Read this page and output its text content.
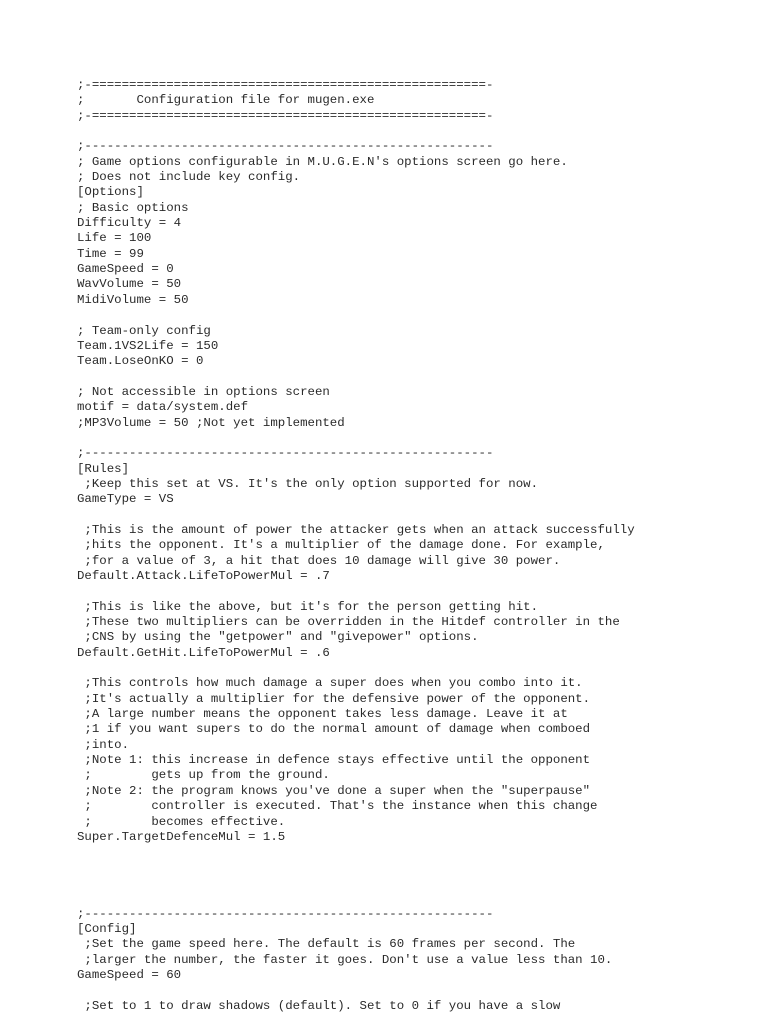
;-=====================================================-
;       Configuration file for mugen.exe
;-=====================================================-
;-------------------------------------------------------
; Game options configurable in M.U.G.E.N's options screen go here.
; Does not include key config.
[Options]
; Basic options
Difficulty = 4
Life = 100
Time = 99
GameSpeed = 0
WavVolume = 50
MidiVolume = 50
; Team-only config
Team.1VS2Life = 150
Team.LoseOnKO = 0
; Not accessible in options screen
motif = data/system.def
;MP3Volume = 50 ;Not yet implemented
;-------------------------------------------------------
[Rules]
;Keep this set at VS. It's the only option supported for now.
GameType = VS
;This is the amount of power the attacker gets when an attack successfully
;hits the opponent. It's a multiplier of the damage done. For example,
;for a value of 3, a hit that does 10 damage will give 30 power.
Default.Attack.LifeToPowerMul = .7
;This is like the above, but it's for the person getting hit.
;These two multipliers can be overridden in the Hitdef controller in the
;CNS by using the "getpower" and "givepower" options.
Default.GetHit.LifeToPowerMul = .6
;This controls how much damage a super does when you combo into it.
;It's actually a multiplier for the defensive power of the opponent.
;A large number means the opponent takes less damage. Leave it at
;1 if you want supers to do the normal amount of damage when comboed
;into.
;Note 1: this increase in defence stays effective until the opponent
;        gets up from the ground.
;Note 2: the program knows you've done a super when the "superpause"
;        controller is executed. That's the instance when this change
;        becomes effective.
Super.TargetDefenceMul = 1.5
;-------------------------------------------------------
[Config]
;Set the game speed here. The default is 60 frames per second. The
;larger the number, the faster it goes. Don't use a value less than 10.
GameSpeed = 60
;Set to 1 to draw shadows (default). Set to 0 if you have a slow
